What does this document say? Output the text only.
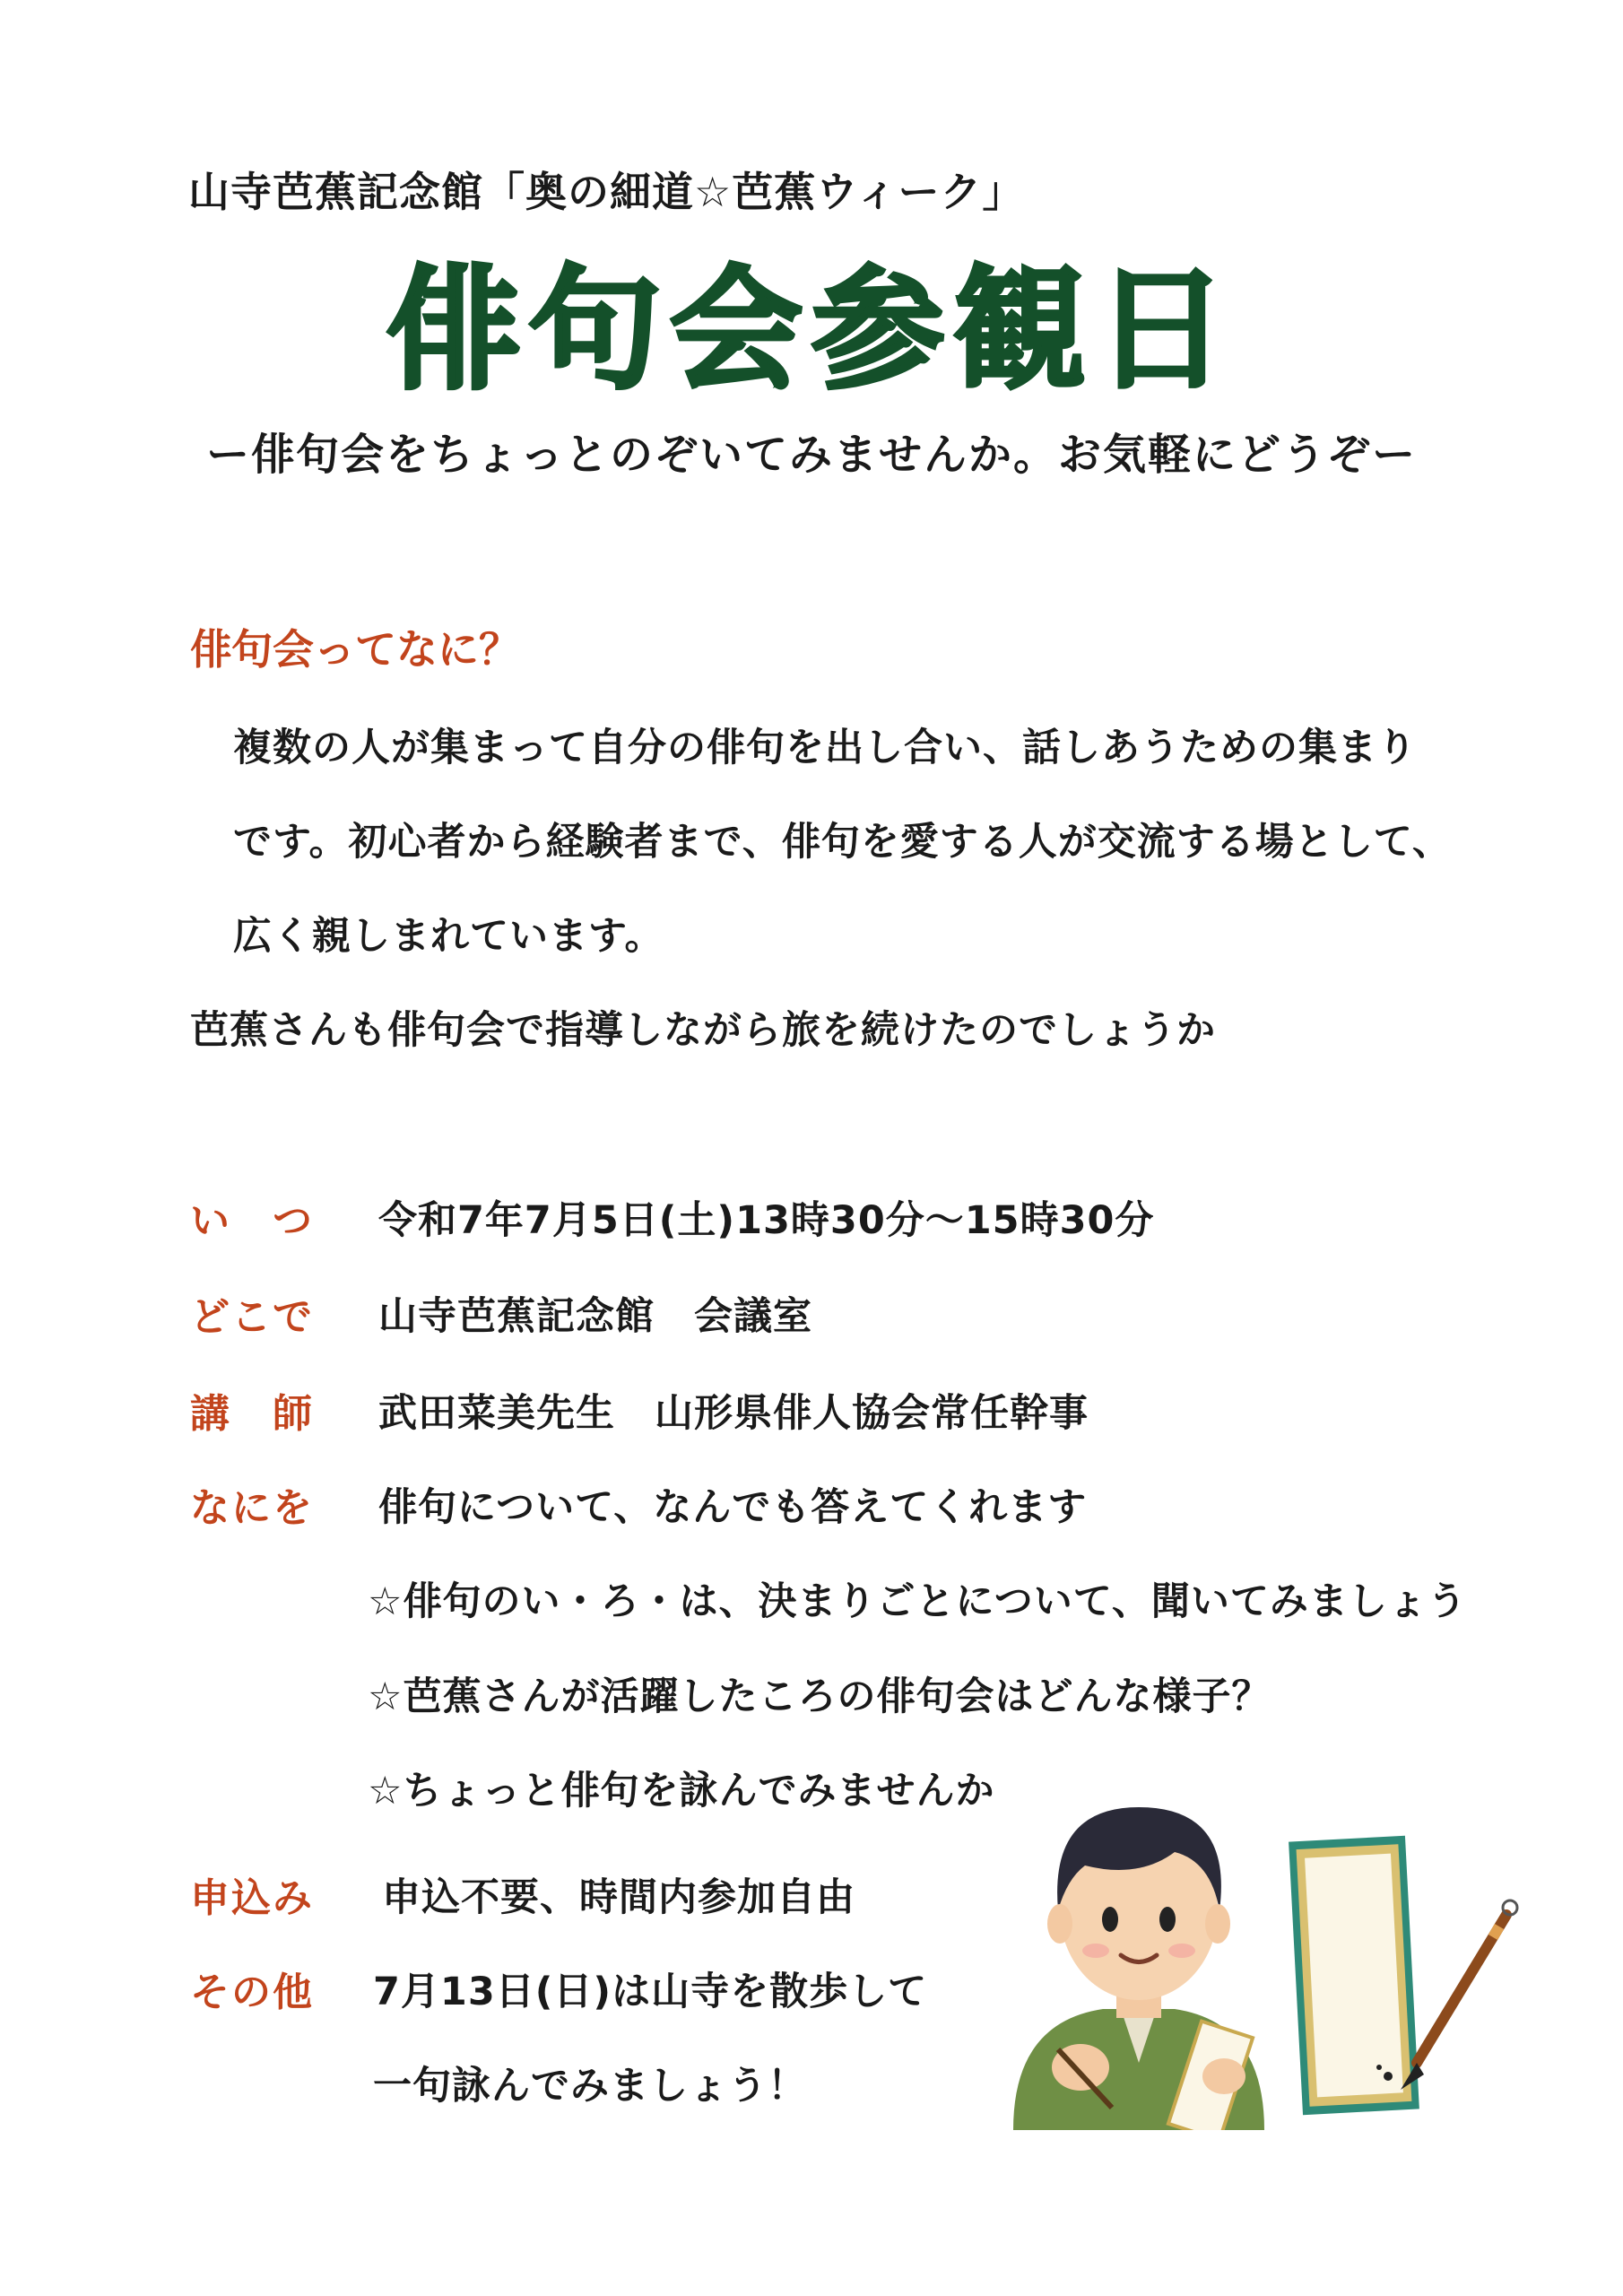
山寺芭蕉記念館「奥の細道☆芭蕉ウィーク」
俳句会参観日
ー俳句会をちょっとのぞいてみませんか。お気軽にどうぞー
俳句会ってなに？
複数の人が集まって自分の俳句を出し合い、話しあうための集まり
です。初心者から経験者まで、俳句を愛する人が交流する場として、
広く親しまれています。
芭蕉さんも俳句会で指導しながら旅を続けたのでしょうか
い　つ 令和7年7月5日(土)13時30分～15時30分
どこで 山寺芭蕉記念館　会議室
講　師 武田菜美先生　山形県俳人協会常任幹事
なにを 俳句について、なんでも答えてくれます
☆俳句のい・ろ・は、決まりごとについて、聞いてみましょう
☆芭蕉さんが活躍したころの俳句会はどんな様子？
☆ちょっと俳句を詠んでみませんか
申込み 申込不要、時間内参加自由
その他 7月13日(日)は山寺を散歩して
一句詠んでみましょう！
